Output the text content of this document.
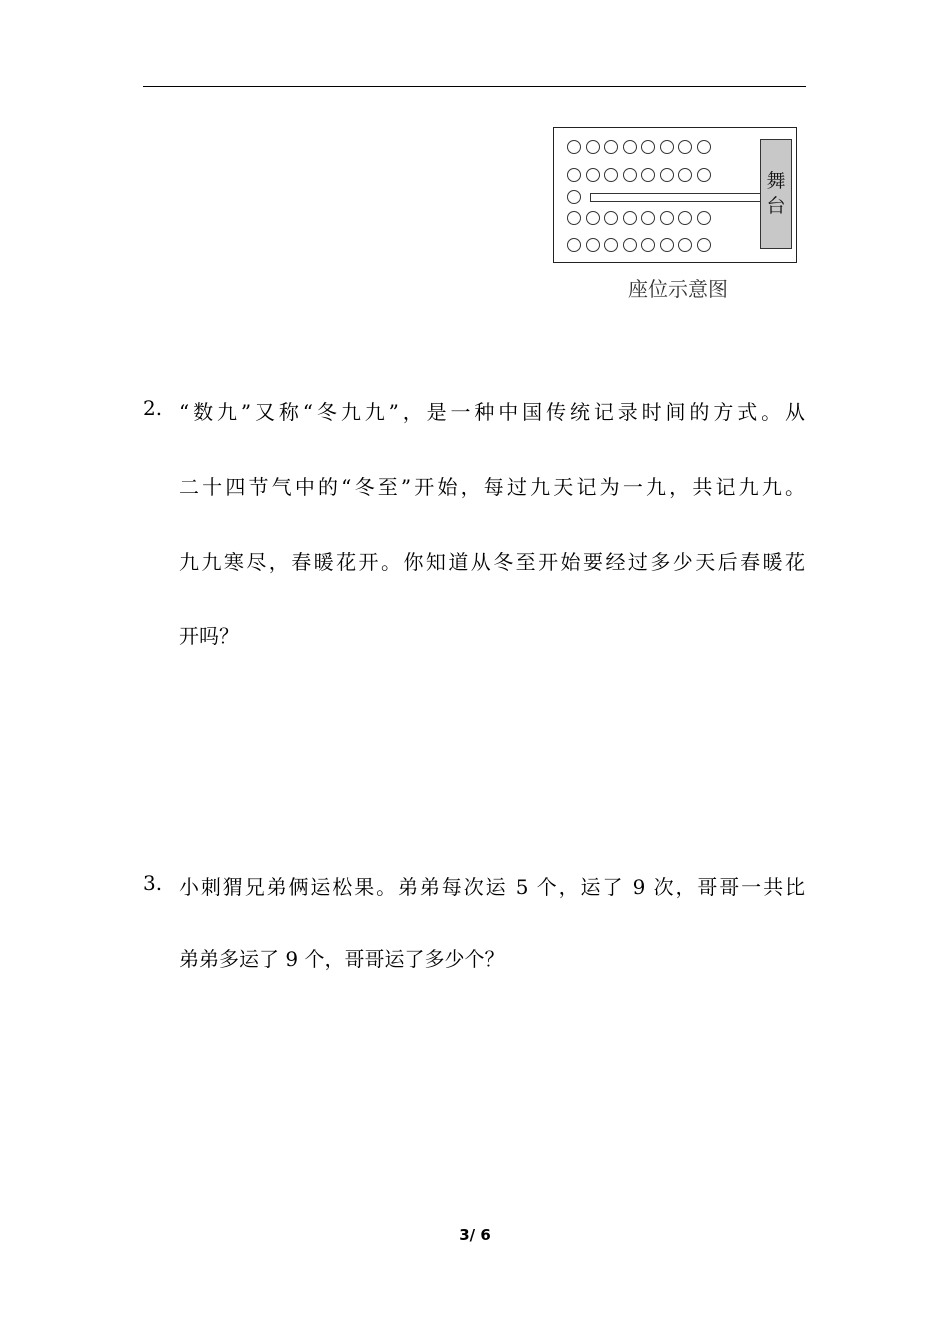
舞
台
座位示意图
2. “数九”又称“冬九九”，是一种中国传统记录时间的方式。从
二十四节气中的“冬至”开始，每过九天记为一九，共记九九。
九九寒尽，春暖花开。你知道从冬至开始要经过多少天后春暖花
开吗？
3. 小刺猬兄弟俩运松果。弟弟每次运 5 个，运了 9 次，哥哥一共比
弟弟多运了 9 个，哥哥运了多少个？
3/ 6
